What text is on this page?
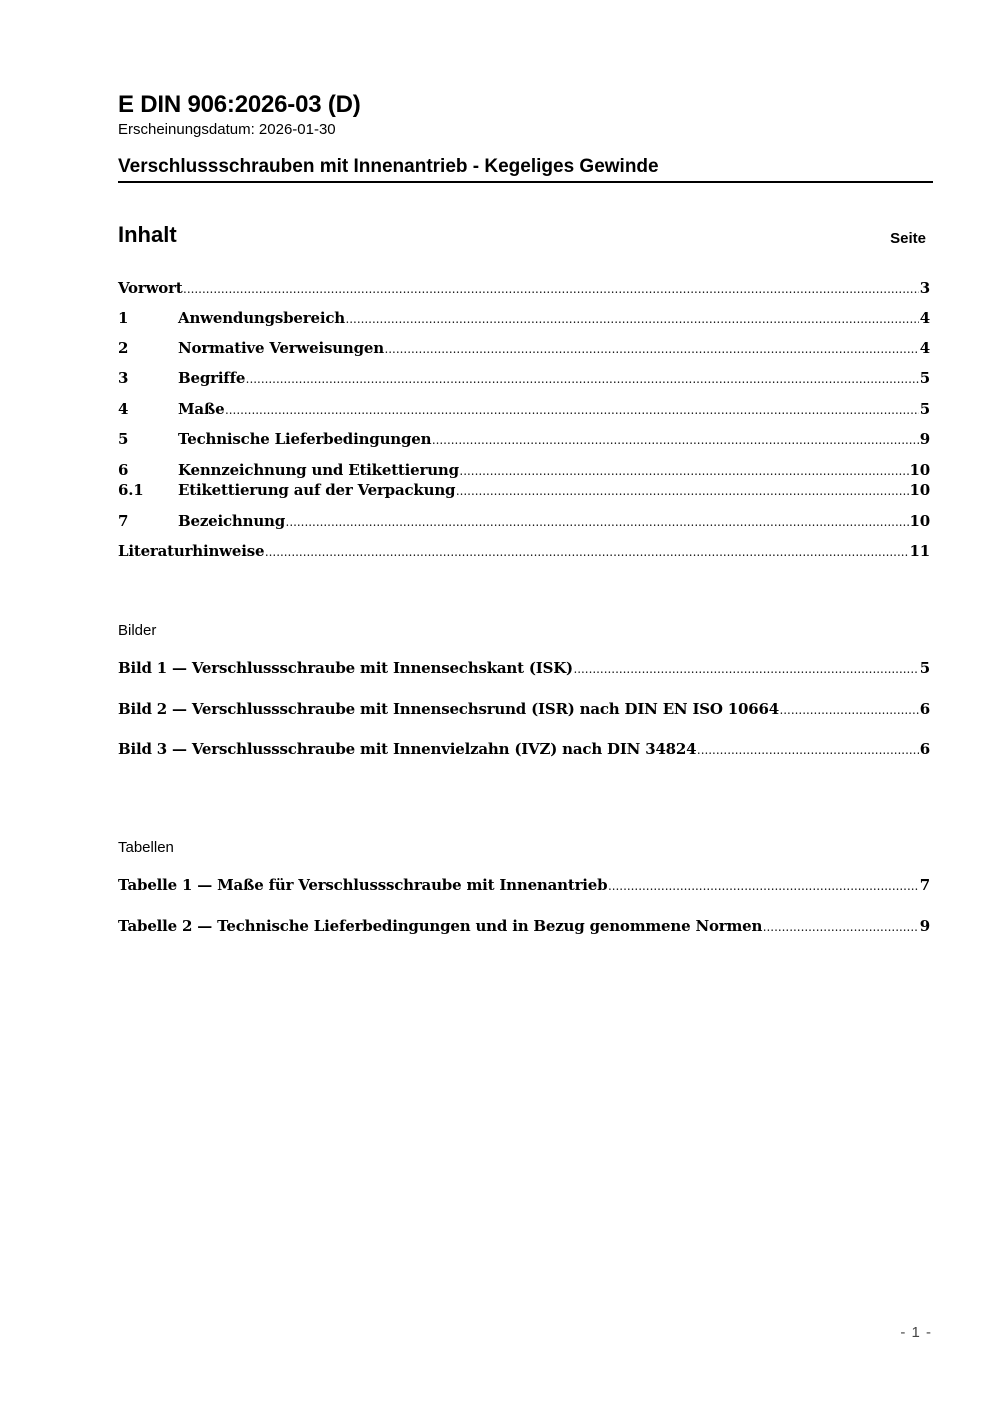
E DIN 906:2026-03 (D)
Erscheinungsdatum: 2026-01-30
Verschlussschrauben mit Innenantrieb - Kegeliges Gewinde
Inhalt	Seite
Vorwort .....	3
1	Anwendungsbereich .....	4
2	Normative Verweisungen .....	4
3	Begriffe .....	5
4	Maße .....	5
5	Technische Lieferbedingungen .....	9
6	Kennzeichnung und Etikettierung .....	10
6.1	Etikettierung auf der Verpackung .....	10
7	Bezeichnung .....	10
Literaturhinweise .....	11
Bilder
Bild 1 — Verschlussschraube mit Innensechskant (ISK) .....	5
Bild 2 — Verschlussschraube mit Innensechsrund (ISR) nach DIN EN ISO 10664 .....	6
Bild 3 — Verschlussschraube mit Innenvielzahn (IVZ) nach DIN 34824 .....	6
Tabellen
Tabelle 1 — Maße für Verschlussschraube mit Innenantrieb .....	7
Tabelle 2 — Technische Lieferbedingungen und in Bezug genommene Normen .....	9
- 1 -
